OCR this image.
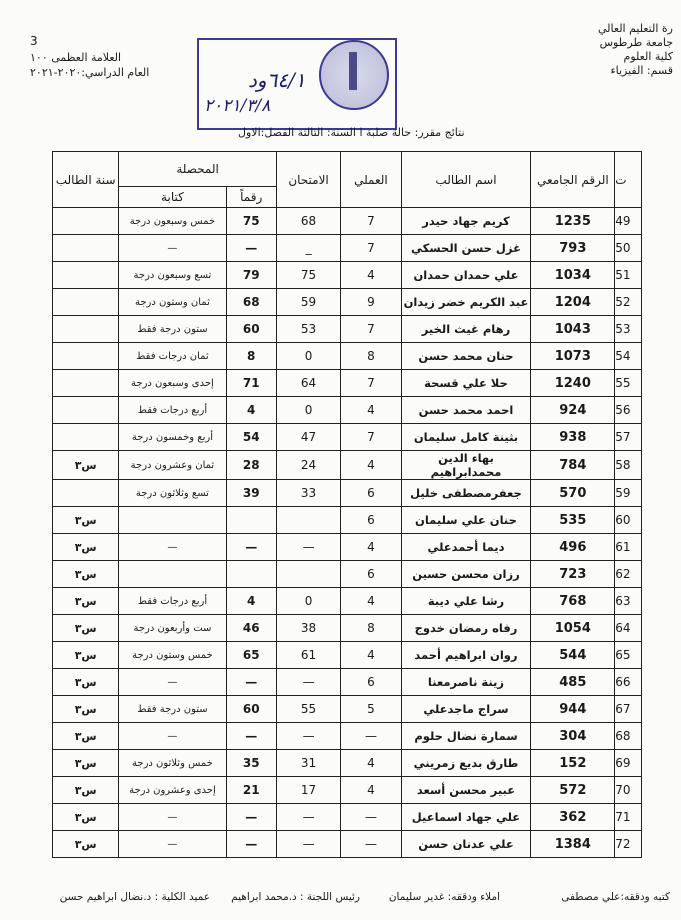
رة التعليم العالي
جامعة طرطوس
كلية العلوم
قسم: الفيزياء
3
العلامة العظمى ١٠٠
العام الدراسي:٢٠٢٠-٢٠٢١	٦٤/١ود
٢٠٢١/٣/٨
نتائج مقرر: حالة صلبة ا السنة: الثالثة الفصل:الاول
ت	الرقم الجامعي	اسم الطالب	العملي	الامتحان	المحصلة		سنة الطالب
					رقماً	كتابة	
49	1235	كريم جهاد حيدر	7	68	75	خمس وسبعون درجة	
50	793	غزل حسن الحسكي	7	_	—	—	
51	1034	علي حمدان حمدان	4	75	79	تسع وسبعون درجة	
52	1204	عبد الكريم خضر زيدان	9	59	68	ثمان وستون درجة	
53	1043	رهام غيث الخير	7	53	60	ستون درجة فقط	
54	1073	حنان محمد حسن	8	0	8	ثمان درجات فقط	
55	1240	حلا علي قسحة	7	64	71	إحدى وسبعون درجة	
56	924	احمد محمد حسن	4	0	4	أربع درجات فقط	
57	938	بثينة كامل سليمان	7	47	54	أربع وخمسون درجة	
58	784	بهاء الدين محمدابراهيم	4	24	28	ثمان وعشرون درجة	س٣
59	570	جعفرمصطفى خليل	6	33	39	تسع وثلاثون درجة	
60	535	حنان علي سليمان	6				س٣
61	496	ديما أحمدعلي	4	—	—	—	س٣
62	723	رزان محسن حسين	6				س٣
63	768	رشا علي ديبة	4	0	4	أربع درجات فقط	س٣
64	1054	رفاه رمضان خدوج	8	38	46	ست وأربعون درجة	س٣
65	544	روان ابراهيم أحمد	4	61	65	خمس وستون درجة	س٣
66	485	زينة ناصرمعنا	6	—	—	—	س٣
67	944	سراج ماجدعلي	5	55	60	ستون درجة فقط	س٣
68	304	سمارة نضال حلوم	—	—	—	—	س٣
69	152	طارق بديع زمريني	4	31	35	خمس وثلاثون درجة	س٣
70	572	عبير محسن أسعد	4	17	21	إحدى وعشرون درجة	س٣
71	362	علي جهاد اسماعيل	—	—	—	—	س٣
72	1384	علي عدنان حسن	—	—	—	—	س٣
كتبه ودققه:علي مصطفى
املاء ودققه: غدير سليمان
رئيس اللجنة : د.محمد ابراهيم
عميد الكلية : د.نضال ابراهيم حسن
